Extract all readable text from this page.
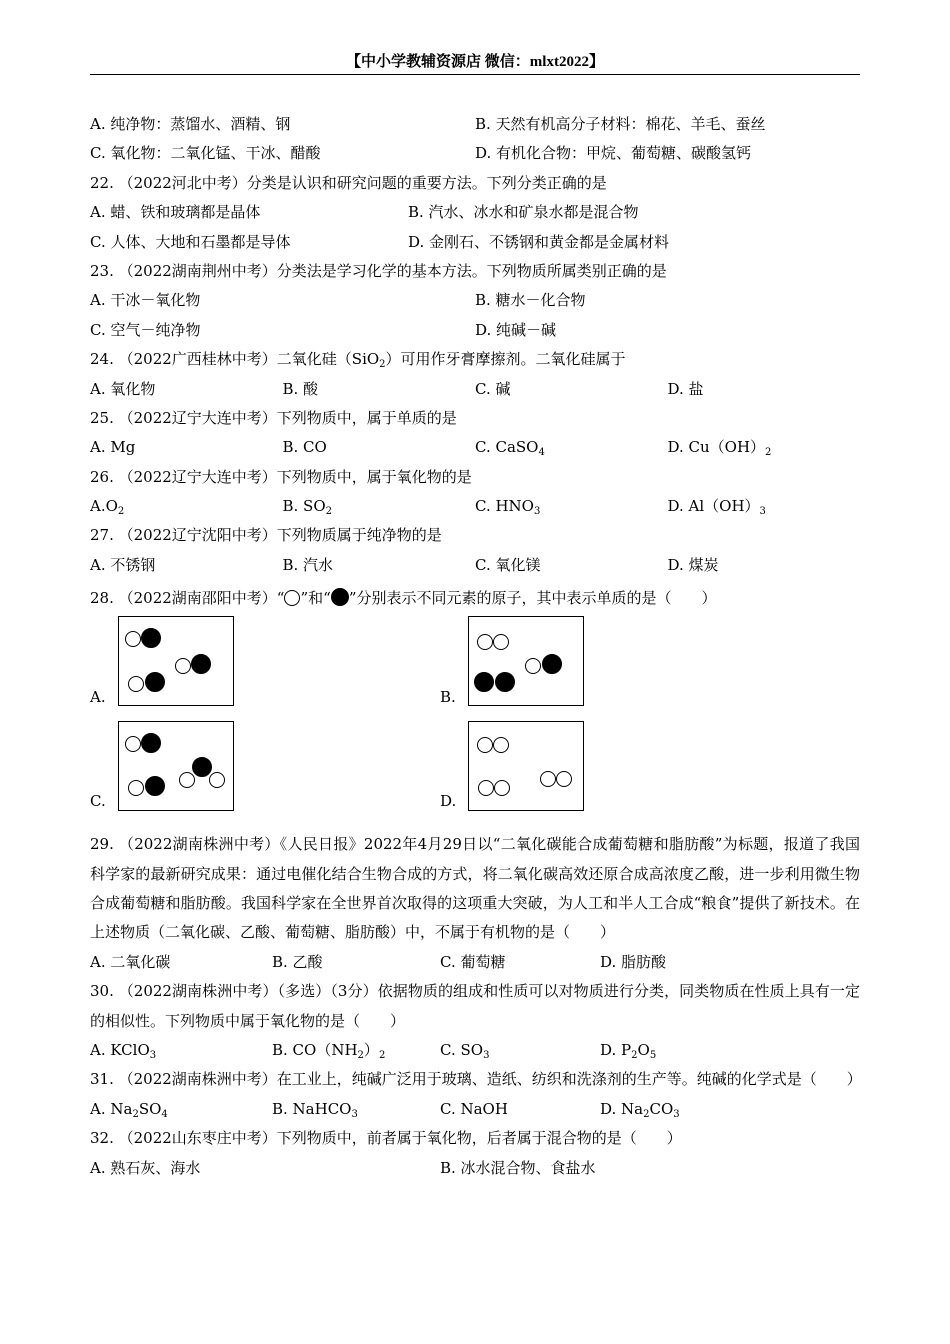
【中小学教辅资源店 微信：mlxt2022】
A. 纯净物：蒸馏水、酒精、钢	B. 天然有机高分子材料：棉花、羊毛、蚕丝
C. 氧化物：二氧化锰、干冰、醋酸	D. 有机化合物：甲烷、葡萄糖、碳酸氢钙
22. （2022河北中考）分类是认识和研究问题的重要方法。下列分类正确的是
A. 蜡、铁和玻璃都是晶体	B. 汽水、冰水和矿泉水都是混合物
C. 人体、大地和石墨都是导体	D. 金刚石、不锈钢和黄金都是金属材料
23. （2022湖南荆州中考）分类法是学习化学的基本方法。下列物质所属类别正确的是
A. 干冰－氧化物	B. 糖水－化合物
C. 空气－纯净物	D. 纯碱－碱
24. （2022广西桂林中考）二氧化硅（SiO$_2$）可用作牙膏摩擦剂。二氧化硅属于
A. 氧化物	B. 酸	C. 碱	D. 盐
25. （2022辽宁大连中考）下列物质中，属于单质的是
A. Mg	B. CO	C. CaSO$_4$	D. $Cu(OH)_2$
26. （2022辽宁大连中考）下列物质中，属于氧化物的是
$A.O_2$	B. $SO_2$	C. $HNO_3$	D. $Al(OH)_3$
27. （2022辽宁沈阳中考）下列物质属于纯净物的是
A. 不锈钢	B. 汽水	C. 氧化镁	D. 煤炭
28. （2022湖南邵阳中考）“ ”和“ ”分别表示不同元素的原子，其中表示单质的是（　　）
A.	B.
C.	D.
29. （2022湖南株洲中考）《人民日报》2022年4月29日以“二氧化碳能合成葡萄糖和脂肪酸”为标题，报道了我国科学家的最新研究成果：通过电催化结合生物合成的方式，将二氧化碳高效还原合成高浓度乙酸，进一步利用微生物合成葡萄糖和脂肪酸。我国科学家在全世界首次取得的这项重大突破，为人工和半人工合成“粮食”提供了新技术。在上述物质（二氧化碳、乙酸、葡萄糖、脂肪酸）中，不属于有机物的是（　　）
A. 二氧化碳	B. 乙酸	C. 葡萄糖	D. 脂肪酸
30. （2022湖南株洲中考）（多选）（3分）依据物质的组成和性质可以对物质进行分类，同类物质在性质上具有一定的相似性。下列物质中属于氧化物的是（　　）
A. KClO$_3$	B. $CO(NH_2)_2$	C. $SO_3$	D. $P_2O_5$
31. （2022湖南株洲中考）在工业上，纯碱广泛用于玻璃、造纸、纺织和洗涤剂的生产等。纯碱的化学式是（　　）
A. $Na_2SO_4$	B. NaHCO$_3$	C. NaOH	D. $Na_2CO_3$
32. （2022山东枣庄中考）下列物质中，前者属于氧化物，后者属于混合物的是（　　）
A. 熟石灰、海水	B. 冰水混合物、食盐水
